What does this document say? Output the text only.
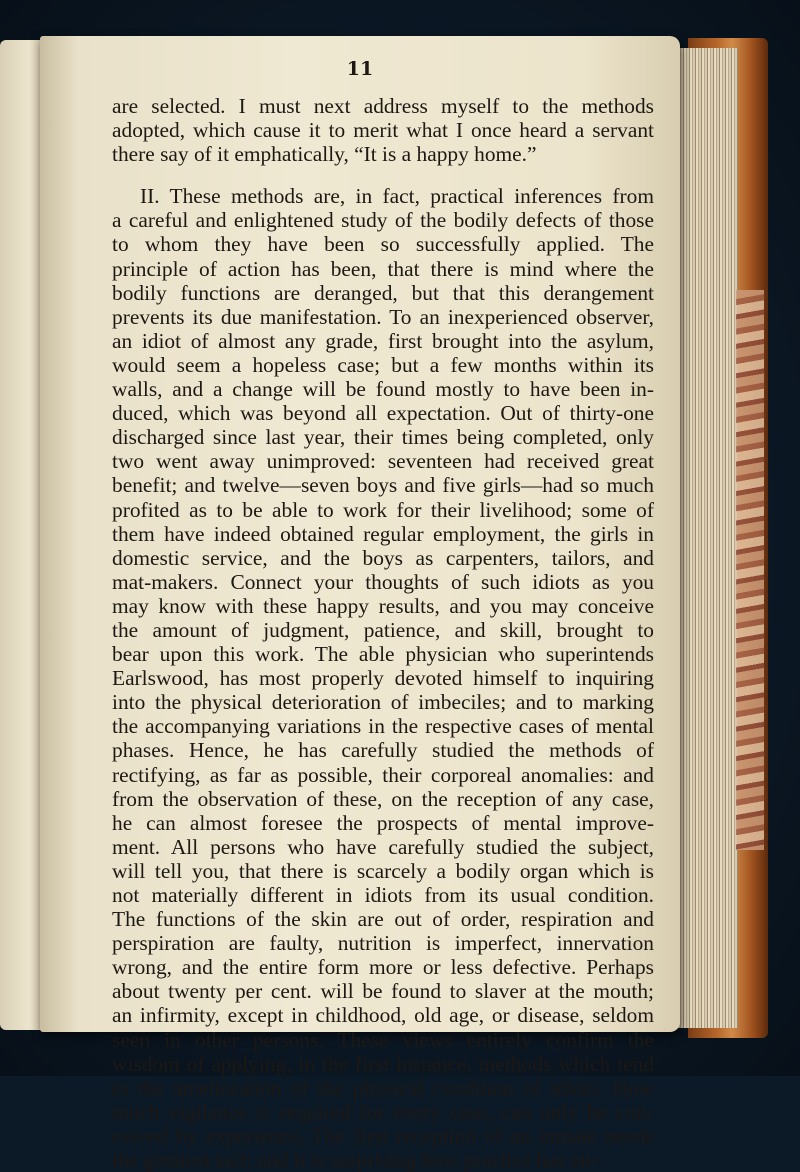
11
are selected. I must next address myself to the methods
adopted, which cause it to merit what I once heard a servant
there say of it emphatically, “It is a happy home.”
II. These methods are, in fact, practical inferences from
a careful and enlightened study of the bodily defects of those
to whom they have been so successfully applied. The
principle of action has been, that there is mind where the
bodily functions are deranged, but that this derangement
prevents its due manifestation. To an inexperienced observer,
an idiot of almost any grade, first brought into the asylum,
would seem a hopeless case; but a few months within its
walls, and a change will be found mostly to have been in-
duced, which was beyond all expectation. Out of thirty-one
discharged since last year, their times being completed, only
two went away unimproved: seventeen had received great
benefit; and twelve—seven boys and five girls—had so much
profited as to be able to work for their livelihood; some of
them have indeed obtained regular employment, the girls in
domestic service, and the boys as carpenters, tailors, and
mat-makers. Connect your thoughts of such idiots as you
may know with these happy results, and you may conceive
the amount of judgment, patience, and skill, brought to
bear upon this work. The able physician who superintends
Earlswood, has most properly devoted himself to inquiring
into the physical deterioration of imbeciles; and to marking
the accompanying variations in the respective cases of mental
phases. Hence, he has carefully studied the methods of
rectifying, as far as possible, their corporeal anomalies: and
from the observation of these, on the reception of any case,
he can almost foresee the prospects of mental improve-
ment. All persons who have carefully studied the subject,
will tell you, that there is scarcely a bodily organ which is
not materially different in idiots from its usual condition.
The functions of the skin are out of order, respiration and
perspiration are faulty, nutrition is imperfect, innervation
wrong, and the entire form more or less defective. Perhaps
about twenty per cent. will be found to slaver at the mouth;
an infirmity, except in childhood, old age, or disease, seldom
seen in other persons. These views entirely confirm the
wisdom of applying, in the first instance, methods which tend
to the amelioration of the physical condition of idiots. How
much vigilance is required for every case, can only be con-
ceived by experience. The first reception of an inmate needs
the greatest tact; and it is surprising how practice has en-
